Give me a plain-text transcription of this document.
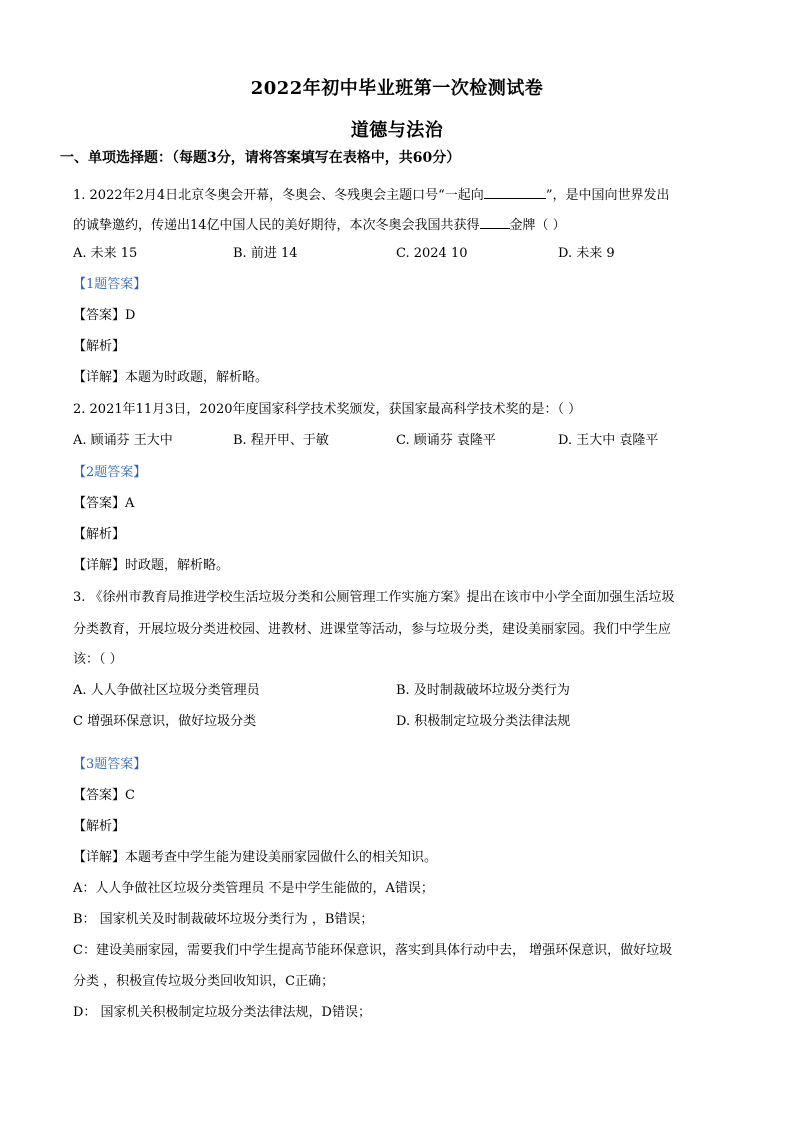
2022年初中毕业班第一次检测试卷
道德与法治
一、单项选择题：（每题3分，请将答案填写在表格中，共60分）
1. 2022年2月4日北京冬奥会开幕，冬奥会、冬残奥会主题口号“一起向	”，是中国向世界发出
的诚挚邀约，传递出14亿中国人民的美好期待，本次冬奥会我国共获得 金牌（ ）
A. 未来 15	B. 前进 14	C. 2024 10	D. 未来 9
【1题答案】
【答案】D
【解析】
【详解】本题为时政题，解析略。
2. 2021年11月3日，2020年度国家科学技术奖颁发，获国家最高科学技术奖的是：（ ）
A. 顾诵芬 王大中	B. 程开甲、于敏	C. 顾诵芬 袁隆平	D. 王大中 袁隆平
【2题答案】
【答案】A
【解析】
【详解】时政题，解析略。
3. 《徐州市教育局推进学校生活垃圾分类和公厕管理工作实施方案》提出在该市中小学全面加强生活垃圾
分类教育，开展垃圾分类进校园、进教材、进课堂等活动，参与垃圾分类，建设美丽家园。我们中学生应
该：（ ）
A. 人人争做社区垃圾分类管理员	B. 及时制裁破坏垃圾分类行为
C 增强环保意识，做好垃圾分类	D. 积极制定垃圾分类法律法规
【3题答案】
【答案】C
【解析】
【详解】本题考查中学生能为建设美丽家园做什么的相关知识。
A：人人争做社区垃圾分类管理员 不是中学生能做的，A错误；
B： 国家机关及时制裁破坏垃圾分类行为 ，B错误；
C：建设美丽家园，需要我们中学生提高节能环保意识，落实到具体行动中去， 增强环保意识，做好垃圾
分类 ，积极宣传垃圾分类回收知识，C正确；
D： 国家机关积极制定垃圾分类法律法规，D错误；
